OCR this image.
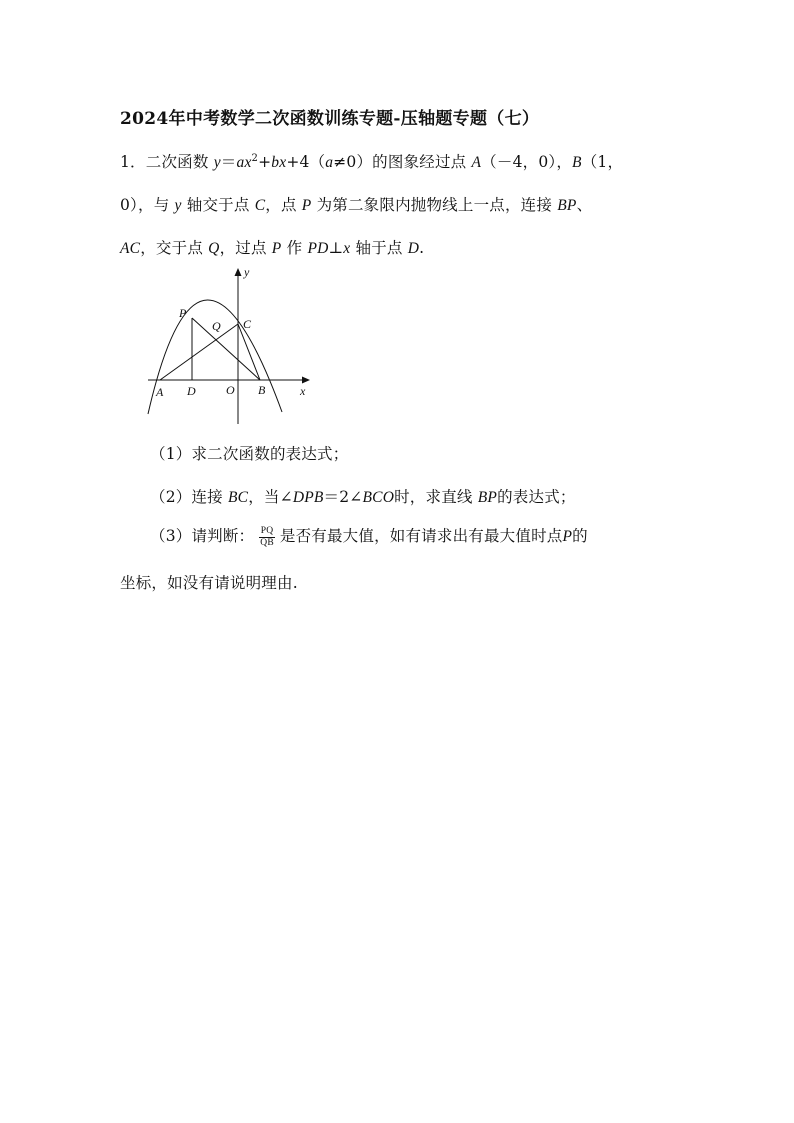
2024年中考数学二次函数训练专题-压轴题专题（七）
1．二次函数 $y=ax^2+bx+4(a\ne 0)$的图象经过点 A（－4，0），B（1，
0），与 y 轴交于点 C，点 P 为第二象限内抛物线上一点，连接 BP、
AC，交于点 Q，过点 P 作 PD⊥x 轴于点 D.
y
x
P
Q C
A D	O B
（1）求二次函数的表达式；
（2）连接 BC，当∠DPB＝2∠BCO时，求直线 BP的表达式；
（3）请判断： $\frac{PQ}{QB}$ 是否有最大值，如有请求出有最大值时点P的
坐标，如没有请说明理由.
